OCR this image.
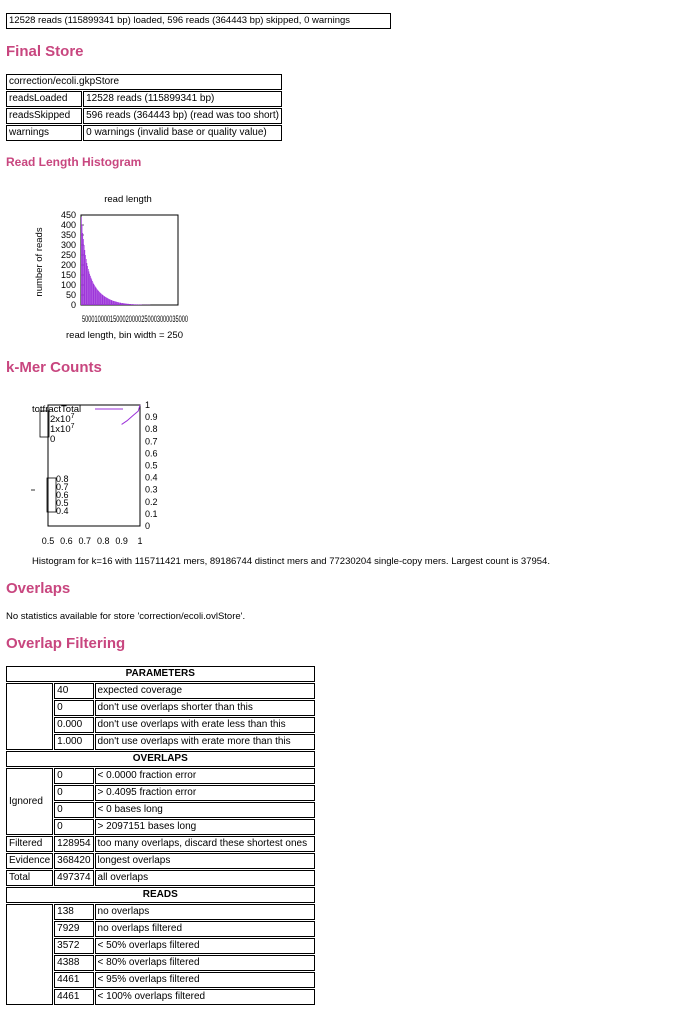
12528 reads (115899341 bp) loaded, 596 reads (364443 bp) skipped, 0 warnings
Final Store
correction/ecoli.gkpStore	
readsLoaded	12528 reads (115899341 bp)
readsSkipped	596 reads (364443 bp) (read was too short)
warnings	0 warnings (invalid base or quality value)
Read Length Histogram
read length
number of reads
450
400
350
300
250
200
150
100
50
0
5000100001500020000250003000035000
read length, bin width = 250
k-Mer Counts
1
0.9
0.8
0.7
0.6
0.5
0.4
0.3
0.2
0.1
0
totfractTotal
$2x10^7$
$1x10^7$
0
0.8
0.7
0.6
0.5
0.4
0.5 0.6 0.7 0.8 0.9 1
Histogram for k=16 with 115711421 mers, 89186744 distinct mers and 77230204 single-copy mers. Largest count is 37954.
Overlaps
No statistics available for store 'correction/ecoli.ovlStore'.
Overlap Filtering
PARAMETERS		
	40	expected coverage
	0	don't use overlaps shorter than this
	0.000	don't use overlaps with erate less than this
	1.000	don't use overlaps with erate more than this
OVERLAPS		
Ignored	0	< 0.0000 fraction error
	0	> 0.4095 fraction error
	0	< 0 bases long
	0	> 2097151 bases long
Filtered	128954	too many overlaps, discard these shortest ones
Evidence	368420	longest overlaps
Total	497374	all overlaps
READS		
	138	no overlaps
	7929	no overlaps filtered
	3572	< 50% overlaps filtered
	4388	< 80% overlaps filtered
	4461	< 95% overlaps filtered
	4461	< 100% overlaps filtered
